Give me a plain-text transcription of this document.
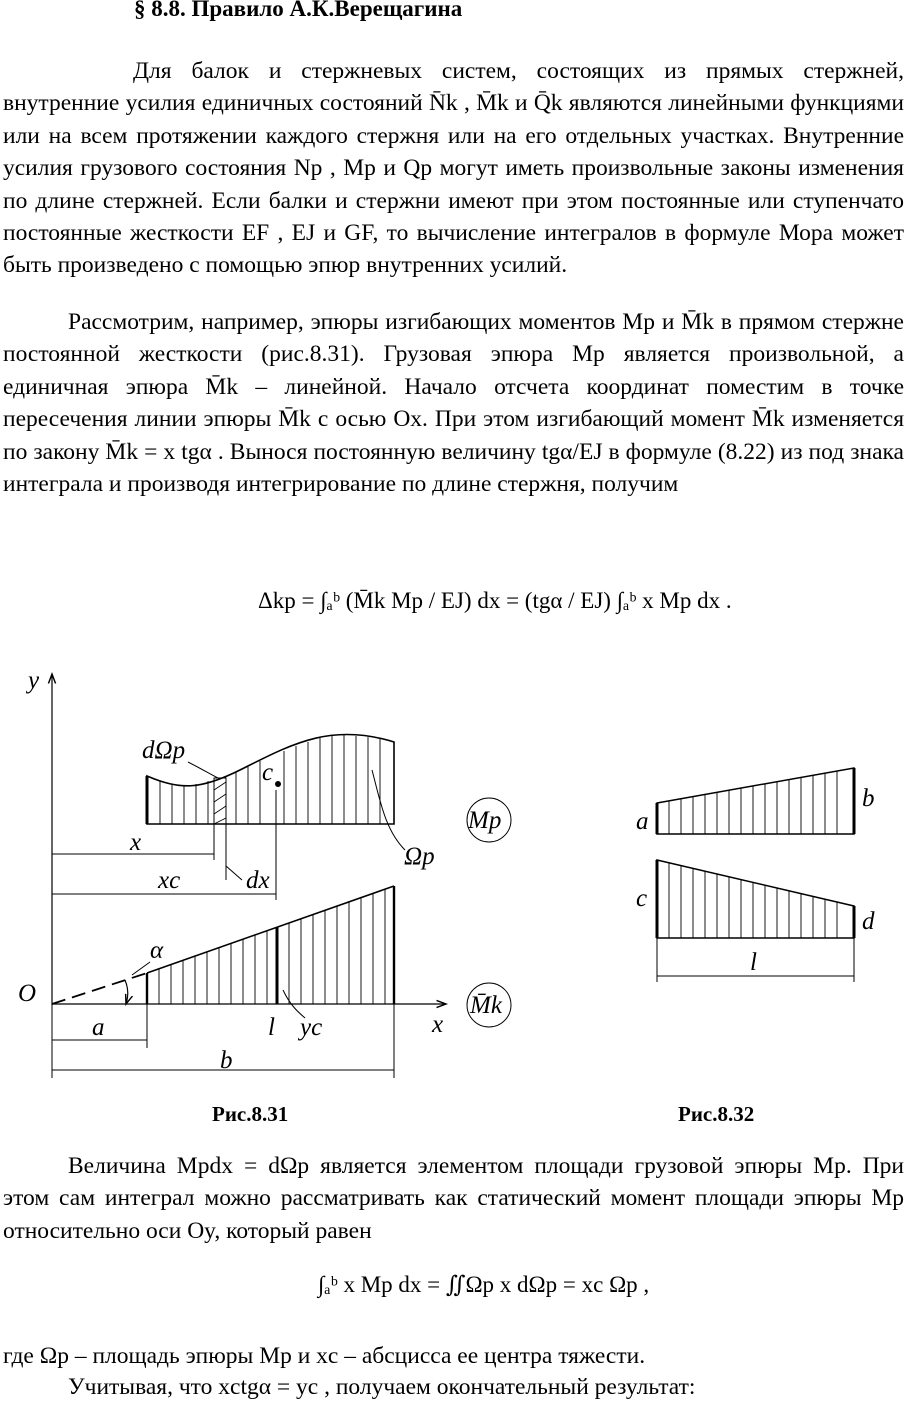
§ 8.8. Правило А.К.Верещагина
Для балок и стержневых систем, состоящих из прямых стержней, внутренние усилия единичных состояний N̄k , M̄k и Q̄k являются линейными функциями или на всем протяжении каждого стержня или на его отдельных участках. Внутренние усилия грузового состояния Np , Mp и Qp могут иметь произвольные законы изменения по длине стержней. Если балки и стержни имеют при этом постоянные или ступенчато постоянные жесткости EF , EJ и GF, то вычисление интегралов в формуле Мора может быть произведено с помощью эпюр внутренних усилий.
Рассмотрим, например, эпюры изгибающих моментов Mp и M̄k в прямом стержне постоянной жесткости (рис.8.31). Грузовая эпюра Mp является произвольной, а единичная эпюра M̄k – линейной. Начало отсчета координат поместим в точке пересечения линии эпюры M̄k с осью Ox. При этом изгибающий момент M̄k изменяется по закону M̄k = x tgα . Вынося постоянную величину tgα/EJ в формуле (8.22) из под знака интеграла и производя интегрирование по длине стержня, получим
Δkp = ∫ₐᵇ (M̄k Mp / EJ) dx = (tgα / EJ) ∫ₐᵇ x Mp dx .
y
x
O
dΩp
c
Ωp
Mp
x
xc	dx
α
a	l yc
b
M̄k
a
b
c
d
l
Рис.8.31	Рис.8.32
Величина Mpdx = dΩp является элементом площади грузовой эпюры Mp. При этом сам интеграл можно рассматривать как статический момент площади эпюры Mp относительно оси Oy, который равен
∫ₐᵇ x Mp dx = ∬Ωp x dΩp = xc Ωp ,
где Ωp – площадь эпюры Mp и xc – абсцисса ее центра тяжести.
Учитывая, что xctgα = yc , получаем окончательный результат:
